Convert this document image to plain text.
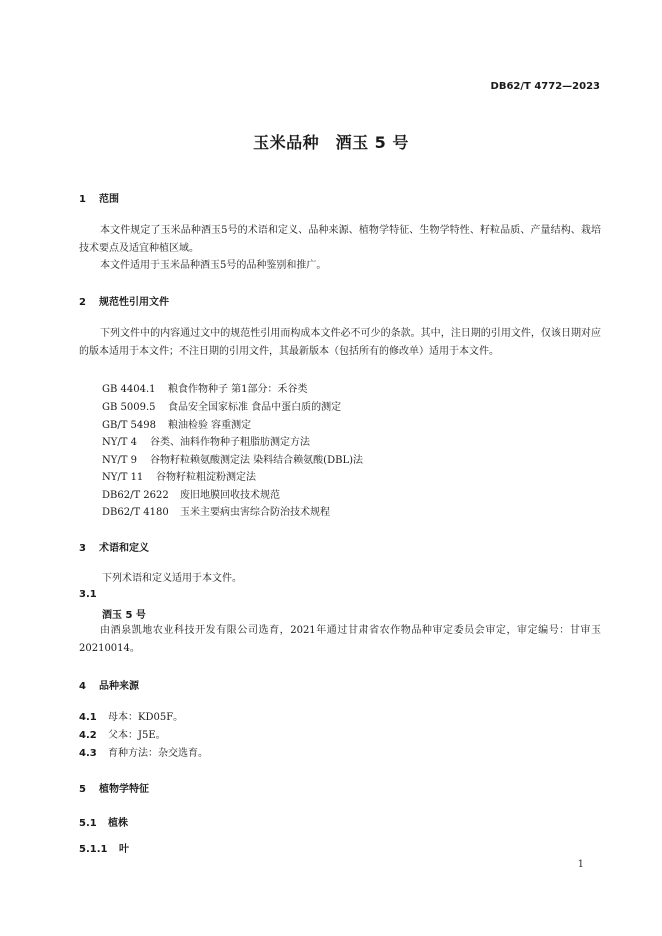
DB62/T 4772—2023
玉米品种　酒玉 5 号
1 范围
本文件规定了玉米品种酒玉5号的术语和定义、品种来源、植物学特征、生物学特性、籽粒品质、产量结构、栽培技术要点及适宜种植区域。
本文件适用于玉米品种酒玉5号的品种鉴别和推广。
2 规范性引用文件
下列文件中的内容通过文中的规范性引用而构成本文件必不可少的条款。其中，注日期的引用文件，仅该日期对应的版本适用于本文件；不注日期的引用文件，其最新版本（包括所有的修改单）适用于本文件。
GB 4404.1 粮食作物种子 第1部分：禾谷类
GB 5009.5 食品安全国家标准 食品中蛋白质的测定
GB/T 5498 粮油检验 容重测定
NY/T 4 谷类、油料作物种子粗脂肪测定方法
NY/T 9 谷物籽粒赖氨酸测定法 染料结合赖氨酸(DBL)法
NY/T 11 谷物籽粒粗淀粉测定法
DB62/T 2622 废旧地膜回收技术规范
DB62/T 4180 玉米主要病虫害综合防治技术规程
3 术语和定义
下列术语和定义适用于本文件。
3.1
酒玉 5 号
由酒泉凯地农业科技开发有限公司选育，2021年通过甘肃省农作物品种审定委员会审定，审定编号：甘审玉20210014。
4 品种来源
4.1 母本：KD05F。
4.2 父本：J5E。
4.3 育种方法：杂交选育。
5 植物学特征
5.1 植株
5.1.1 叶
1
